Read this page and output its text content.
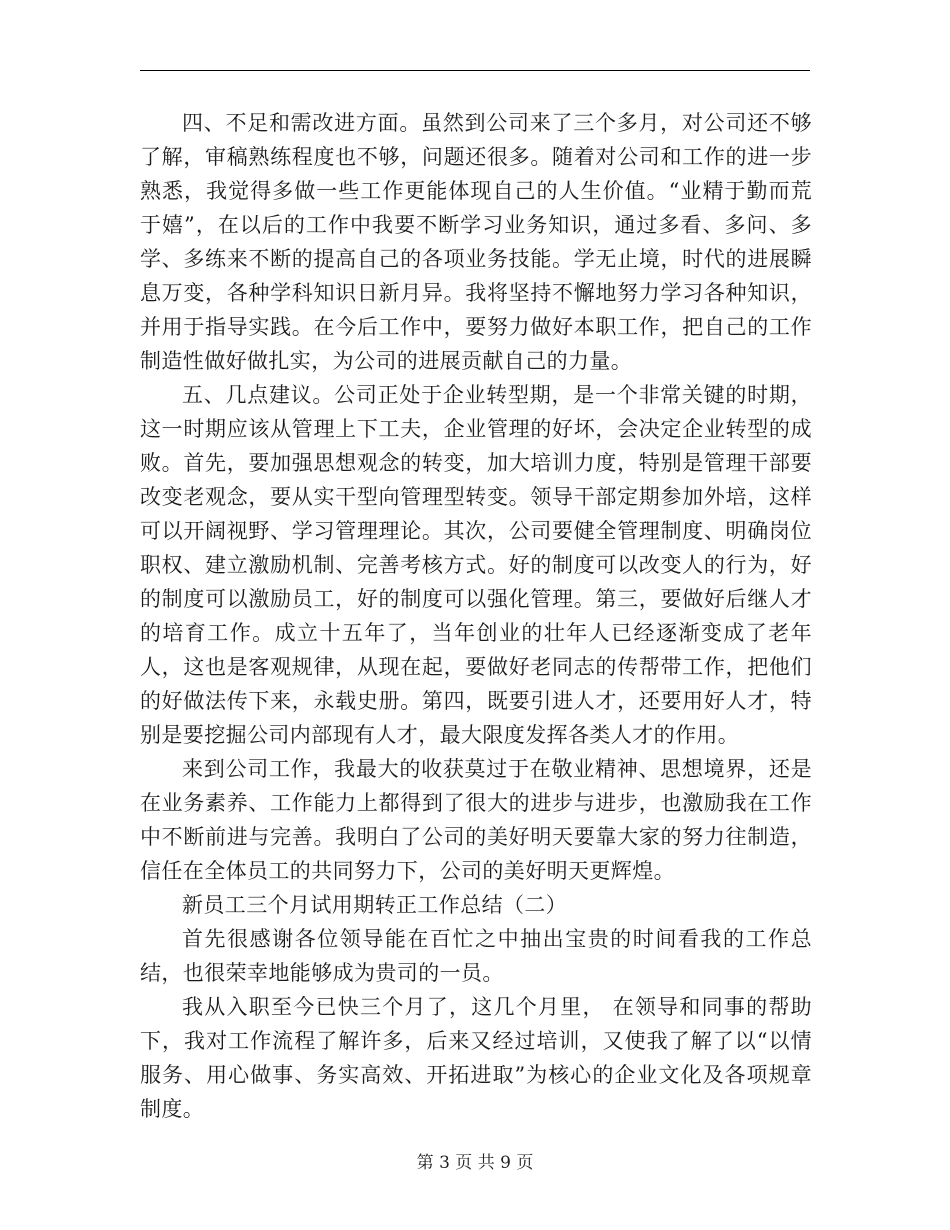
四、不足和需改进方面。虽然到公司来了三个多月，对公司还不够了解，审稿熟练程度也不够，问题还很多。随着对公司和工作的进一步熟悉，我觉得多做一些工作更能体现自己的人生价值。“业精于勤而荒于嬉”，在以后的工作中我要不断学习业务知识，通过多看、多问、多学、多练来不断的提高自己的各项业务技能。学无止境，时代的进展瞬息万变，各种学科知识日新月异。我将坚持不懈地努力学习各种知识，并用于指导实践。在今后工作中，要努力做好本职工作，把自己的工作制造性做好做扎实，为公司的进展贡献自己的力量。

五、几点建议。公司正处于企业转型期，是一个非常关键的时期，这一时期应该从管理上下工夫，企业管理的好坏，会决定企业转型的成败。首先，要加强思想观念的转变，加大培训力度，特别是管理干部要改变老观念，要从实干型向管理型转变。领导干部定期参加外培，这样可以开阔视野、学习管理理论。其次，公司要健全管理制度、明确岗位职权、建立激励机制、完善考核方式。好的制度可以改变人的行为，好的制度可以激励员工，好的制度可以强化管理。第三，要做好后继人才的培育工作。成立十五年了，当年创业的壮年人已经逐渐变成了老年人，这也是客观规律，从现在起，要做好老同志的传帮带工作，把他们的好做法传下来，永载史册。第四，既要引进人才，还要用好人才，特别是要挖掘公司内部现有人才，最大限度发挥各类人才的作用。

来到公司工作，我最大的收获莫过于在敬业精神、思想境界，还是在业务素养、工作能力上都得到了很大的进步与进步，也激励我在工作中不断前进与完善。我明白了公司的美好明天要靠大家的努力往制造，信任在全体员工的共同努力下，公司的美好明天更辉煌。

新员工三个月试用期转正工作总结（二）

首先很感谢各位领导能在百忙之中抽出宝贵的时间看我的工作总结，也很荣幸地能够成为贵司的一员。

我从入职至今已快三个月了，这几个月里， 在领导和同事的帮助下，我对工作流程了解许多，后来又经过培训，又使我了解了以“以情服务、用心做事、务实高效、开拓进取”为核心的企业文化及各项规章制度。

第 3 页 共 9 页
